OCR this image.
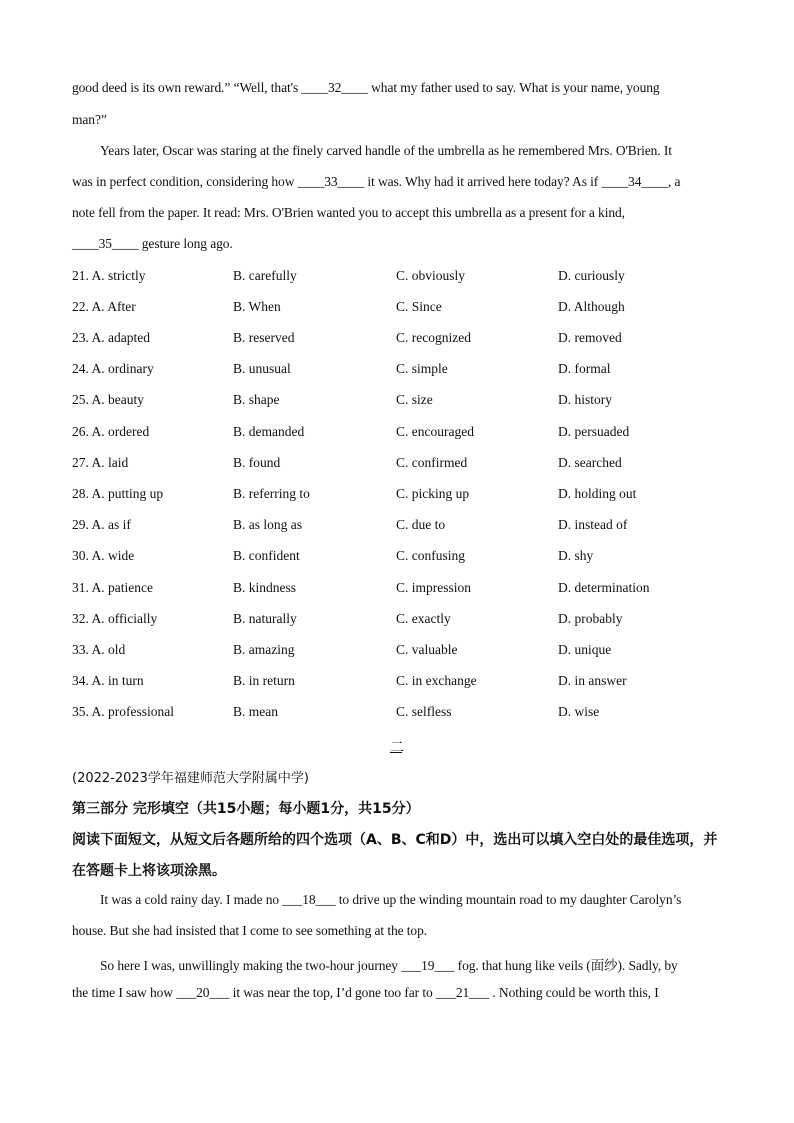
good deed is its own reward.” “Well, that's ____32____ what my father used to say. What is your name, young
man?”
Years later, Oscar was staring at the finely carved handle of the umbrella as he remembered Mrs. O'Brien. It
was in perfect condition, considering how ____33____ it was. Why had it arrived here today? As if ____34____, a
note fell from the paper. It read: Mrs. O'Brien wanted you to accept this umbrella as a present for a kind,
____35____ gesture long ago.
21. A. strictly	B. carefully	C. obviously	D. curiously
22. A. After	B. When	C. Since	D. Although
23. A. adapted	B. reserved	C. recognized	D. removed
24. A. ordinary	B. unusual	C. simple	D. formal
25. A. beauty	B. shape	C. size	D. history
26. A. ordered	B. demanded	C. encouraged	D. persuaded
27. A. laid	B. found	C. confirmed	D. searched
28. A. putting up	B. referring to	C. picking up	D. holding out
29. A. as if	B. as long as	C. due to	D. instead of
30. A. wide	B. confident	C. confusing	D. shy
31. A. patience	B. kindness	C. impression	D. determination
32. A. officially	B. naturally	C. exactly	D. probably
33. A. old	B. amazing	C. valuable	D. unique
34. A. in turn	B. in return	C. in exchange	D. in answer
35. A. professional	B. mean	C. selfless	D. wise
二
(2022-2023学年福建师范大学附属中学)
第三部分 完形填空（共15小题；每小题1分，共15分）
阅读下面短文，从短文后各题所给的四个选项（A、B、C和D）中，选出可以填入空白处的最佳选项，并
在答题卡上将该项涂黑。
It was a cold rainy day. I made no ___18___ to drive up the winding mountain road to my daughter Carolyn’s
house. But she had insisted that I come to see something at the top.
So here I was, unwillingly making the two-hour journey ___19___ fog. that hung like veils (面纱). Sadly, by
the time I saw how ___20___ it was near the top, I’d gone too far to ___21___ . Nothing could be worth this, I
